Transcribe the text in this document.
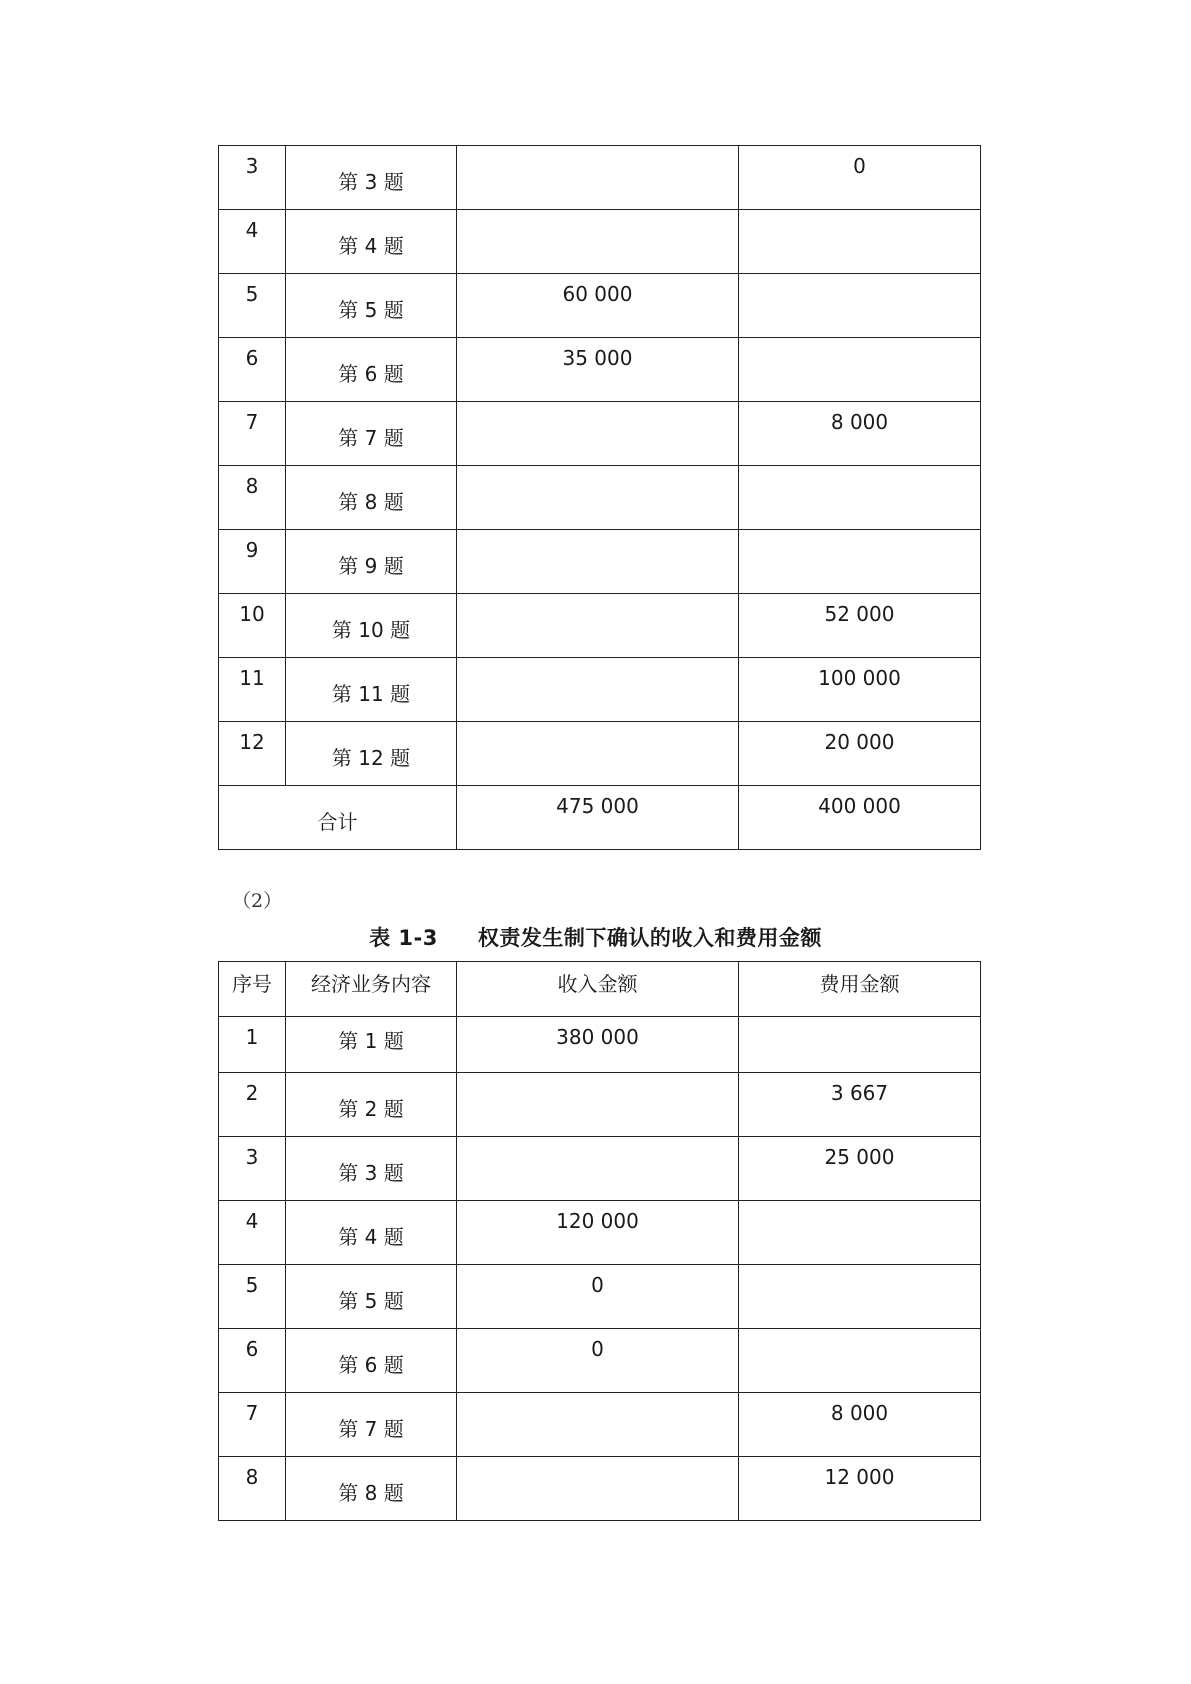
3	第 3 题		0

4	第 4 题		

5	第 5 题	60 000	

6	第 6 题	35 000	

7	第 7 题		8 000

8	第 8 题		

9	第 9 题		

10	第 10 题		52 000

11	第 11 题		100 000

12	第 12 题		20 000

合计		475 000	400 000
（2）
表 1-3 权责发生制下确认的收入和费用金额
序号	经济业务内容	收入金额	费用金额

1	第 1 题	380 000	

2	第 2 题		3 667

3	第 3 题		25 000

4	第 4 题	120 000	

5	第 5 题	0	

6	第 6 题	0	

7	第 7 题		8 000

8	第 8 题		12 000
